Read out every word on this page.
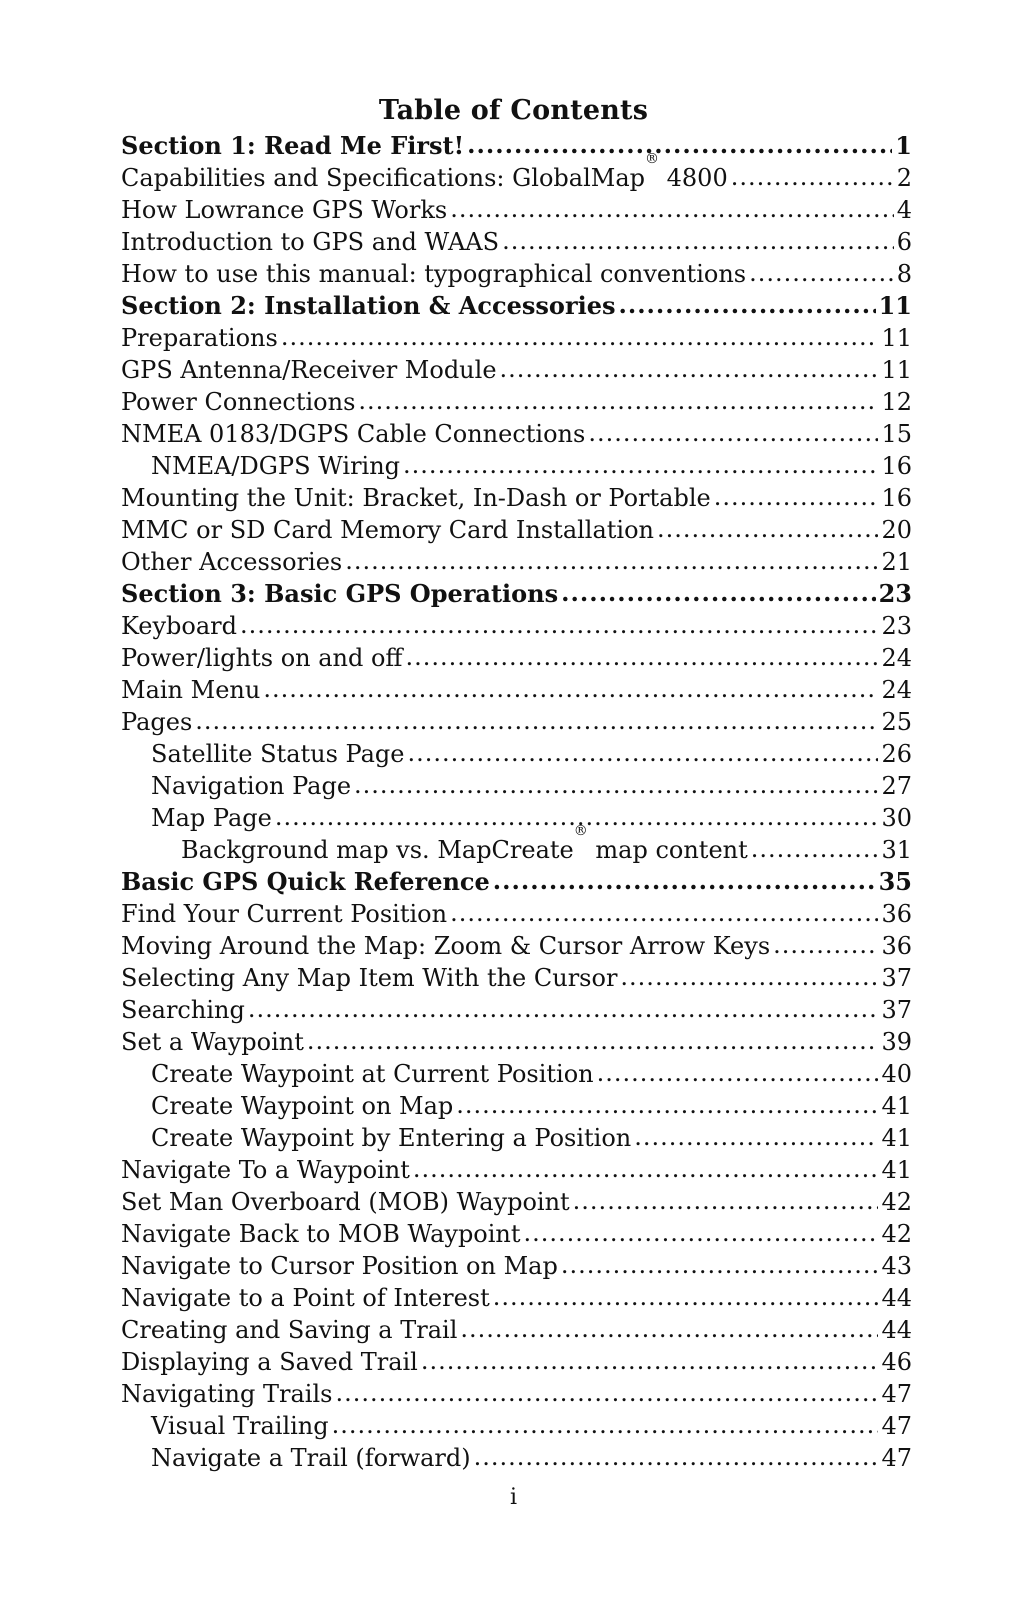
Table of Contents
Section 1: Read Me First! .....	1
Capabilities and Specifications: GlobalMap® 4800 .....	2
How Lowrance GPS Works .....	4
Introduction to GPS and WAAS .....	6
How to use this manual: typographical conventions .....	8
Section 2: Installation & Accessories .....	11
Preparations .....	11
GPS Antenna/Receiver Module .....	11
Power Connections .....	12
NMEA 0183/DGPS Cable Connections .....	15
NMEA/DGPS Wiring .....	16
Mounting the Unit: Bracket, In-Dash or Portable .....	16
MMC or SD Card Memory Card Installation .....	20
Other Accessories .....	21
Section 3: Basic GPS Operations .....	23
Keyboard .....	23
Power/lights on and off .....	24
Main Menu .....	24
Pages .....	25
Satellite Status Page .....	26
Navigation Page .....	27
Map Page .....	30
Background map vs. MapCreate® map content .....	31
Basic GPS Quick Reference .....	35
Find Your Current Position .....	36
Moving Around the Map: Zoom & Cursor Arrow Keys .....	36
Selecting Any Map Item With the Cursor .....	37
Searching .....	37
Set a Waypoint .....	39
Create Waypoint at Current Position .....	40
Create Waypoint on Map .....	41
Create Waypoint by Entering a Position .....	41
Navigate To a Waypoint .....	41
Set Man Overboard (MOB) Waypoint .....	42
Navigate Back to MOB Waypoint .....	42
Navigate to Cursor Position on Map .....	43
Navigate to a Point of Interest .....	44
Creating and Saving a Trail .....	44
Displaying a Saved Trail .....	46
Navigating Trails .....	47
Visual Trailing .....	47
Navigate a Trail (forward) .....	47
i
